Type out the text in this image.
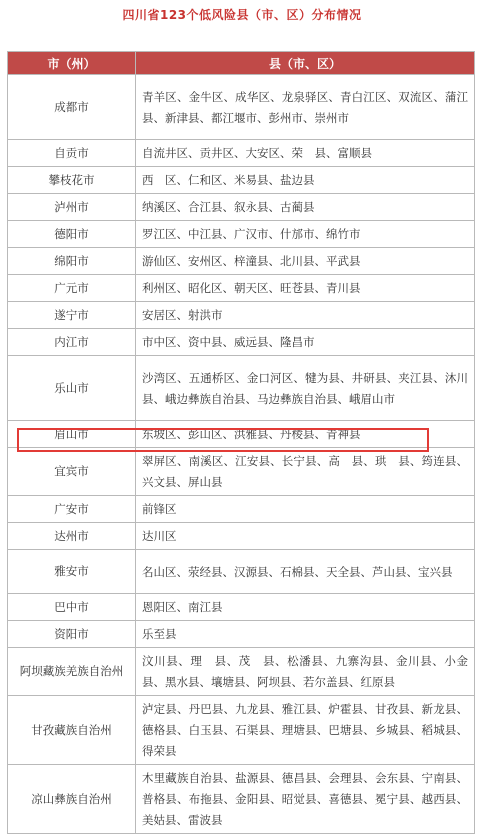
四川省123个低风险县（市、区）分布情况
市（州）	县（市、区）
成都市	青羊区、金牛区、成华区、龙泉驿区、青白江区、双流区、蒲江县、新津县、都江堰市、彭州市、崇州市
自贡市	自流井区、贡井区、大安区、荣　县、富顺县
攀枝花市	西　区、仁和区、米易县、盐边县
泸州市	纳溪区、合江县、叙永县、古蔺县
德阳市	罗江区、中江县、广汉市、什邡市、绵竹市
绵阳市	游仙区、安州区、梓潼县、北川县、平武县
广元市	利州区、昭化区、朝天区、旺苍县、青川县
遂宁市	安居区、射洪市
内江市	市中区、资中县、威远县、隆昌市
乐山市	沙湾区、五通桥区、金口河区、犍为县、井研县、夹江县、沐川县、峨边彝族自治县、马边彝族自治县、峨眉山市
眉山市	东坡区、彭山区、洪雅县、丹棱县、青神县
宜宾市	翠屏区、南溪区、江安县、长宁县、高　县、珙　县、筠连县、兴文县、屏山县
广安市	前锋区
达州市	达川区
雅安市	名山区、荥经县、汉源县、石棉县、天全县、芦山县、宝兴县
巴中市	恩阳区、南江县
资阳市	乐至县
阿坝藏族羌族自治州	汶川县、理　县、茂　县、松潘县、九寨沟县、金川县、小金县、黑水县、壤塘县、阿坝县、若尔盖县、红原县
甘孜藏族自治州	泸定县、丹巴县、九龙县、雅江县、炉霍县、甘孜县、新龙县、德格县、白玉县、石渠县、理塘县、巴塘县、乡城县、稻城县、得荣县
凉山彝族自治州	木里藏族自治县、盐源县、德昌县、会理县、会东县、宁南县、普格县、布拖县、金阳县、昭觉县、喜德县、冕宁县、越西县、美姑县、雷波县
